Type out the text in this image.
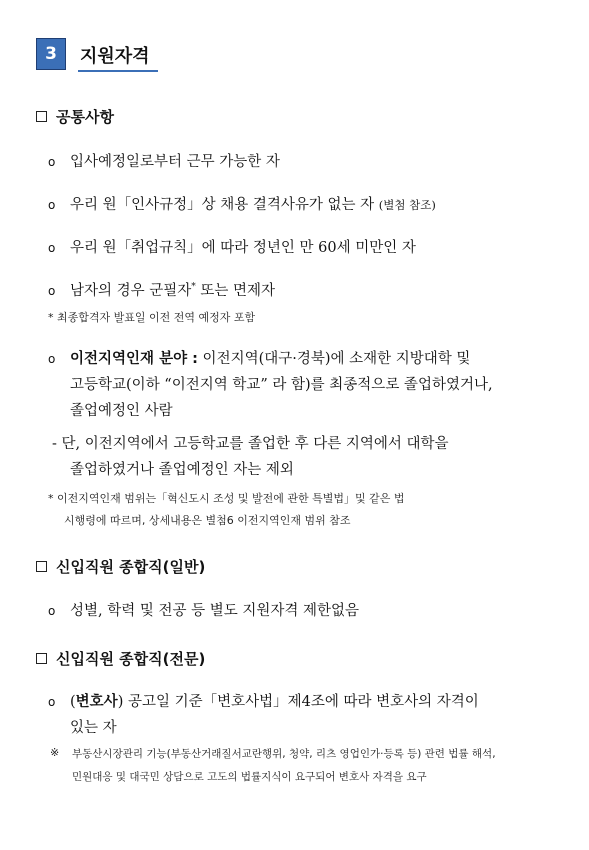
3	지원자격
공통사항
o 입사예정일로부터 근무 가능한 자
o 우리 원「인사규정」상 채용 결격사유가 없는 자 (별첨 참조)
o 우리 원「취업규칙」에 따라 정년인 만 60세 미만인 자
o 남자의 경우 군필자* 또는 면제자
* 최종합격자 발표일 이전 전역 예정자 포함
o 이전지역인재 분야 : 이전지역(대구·경북)에 소재한 지방대학 및
고등학교(이하 “이전지역 학교” 라 함)를 최종적으로 졸업하였거나,
졸업예정인 사람
- 단, 이전지역에서 고등학교를 졸업한 후 다른 지역에서 대학을
졸업하였거나 졸업예정인 자는 제외
* 이전지역인재 범위는「혁신도시 조성 및 발전에 관한 특별법」및 같은 법
시행령에 따르며, 상세내용은 별첨6 이전지역인재 범위 참조
신입직원 종합직(일반)
o 성별, 학력 및 전공 등 별도 지원자격 제한없음
신입직원 종합직(전문)
o (변호사) 공고일 기준「변호사법」제4조에 따라 변호사의 자격이
있는 자
※ 부동산시장관리 기능(부동산거래질서교란행위, 청약, 리츠 영업인가·등록 등) 관련 법률 해석,
민원대응 및 대국민 상담으로 고도의 법률지식이 요구되어 변호사 자격을 요구
